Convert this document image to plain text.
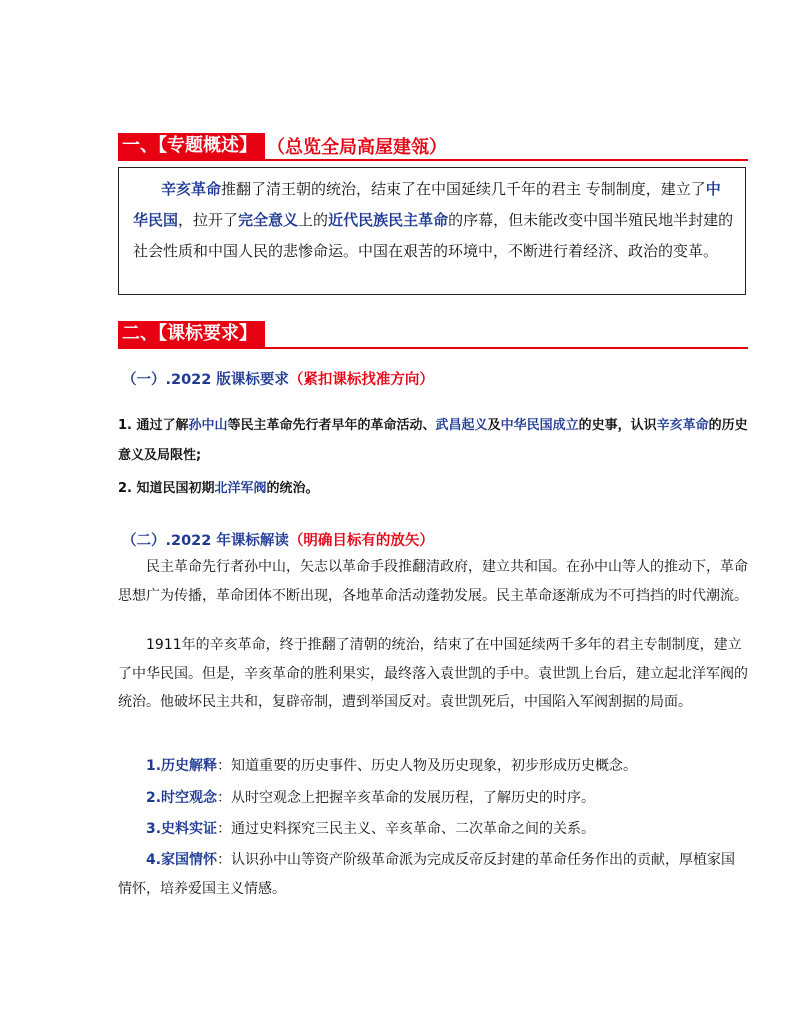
一、【专题概述】 （总览全局高屋建瓴）
辛亥革命推翻了清王朝的统治，结束了在中国延续几千年的君主 专制制度，建立了中华民国，拉开了完全意义上的近代民族民主革命的序幕，但未能改变中国半殖民地半封建的社会性质和中国人民的悲惨命运。中国在艰苦的环境中，不断进行着经济、政治的变革。
二、【课标要求】
（一）.2022 版课标要求（紧扣课标找准方向）
1. 通过了解孙中山等民主革命先行者早年的革命活动、武昌起义及中华民国成立的史事，认识辛亥革命的历史意义及局限性;
2. 知道民国初期北洋军阀的统治。
（二）.2022 年课标解读（明确目标有的放矢）
民主革命先行者孙中山，矢志以革命手段推翻清政府，建立共和国。在孙中山等人的推动下，革命思想广为传播，革命团体不断出现，各地革命活动蓬勃发展。民主革命逐渐成为不可挡挡的时代潮流。
1911年的辛亥革命，终于推翻了清朝的统治，结束了在中国延续两千多年的君主专制制度，建立了中华民国。但是，辛亥革命的胜利果实，最终落入袁世凯的手中。袁世凯上台后，建立起北洋军阀的统治。他破坏民主共和，复辟帝制，遭到举国反对。袁世凯死后，中国陷入军阀割据的局面。
1.历史解释：知道重要的历史事件、历史人物及历史现象，初步形成历史概念。
2.时空观念：从时空观念上把握辛亥革命的发展历程，了解历史的时序。
3.史料实证：通过史料探究三民主义、辛亥革命、二次革命之间的关系。
4.家国情怀：认识孙中山等资产阶级革命派为完成反帝反封建的革命任务作出的贡献，厚植家国情怀，培养爱国主义情感。
